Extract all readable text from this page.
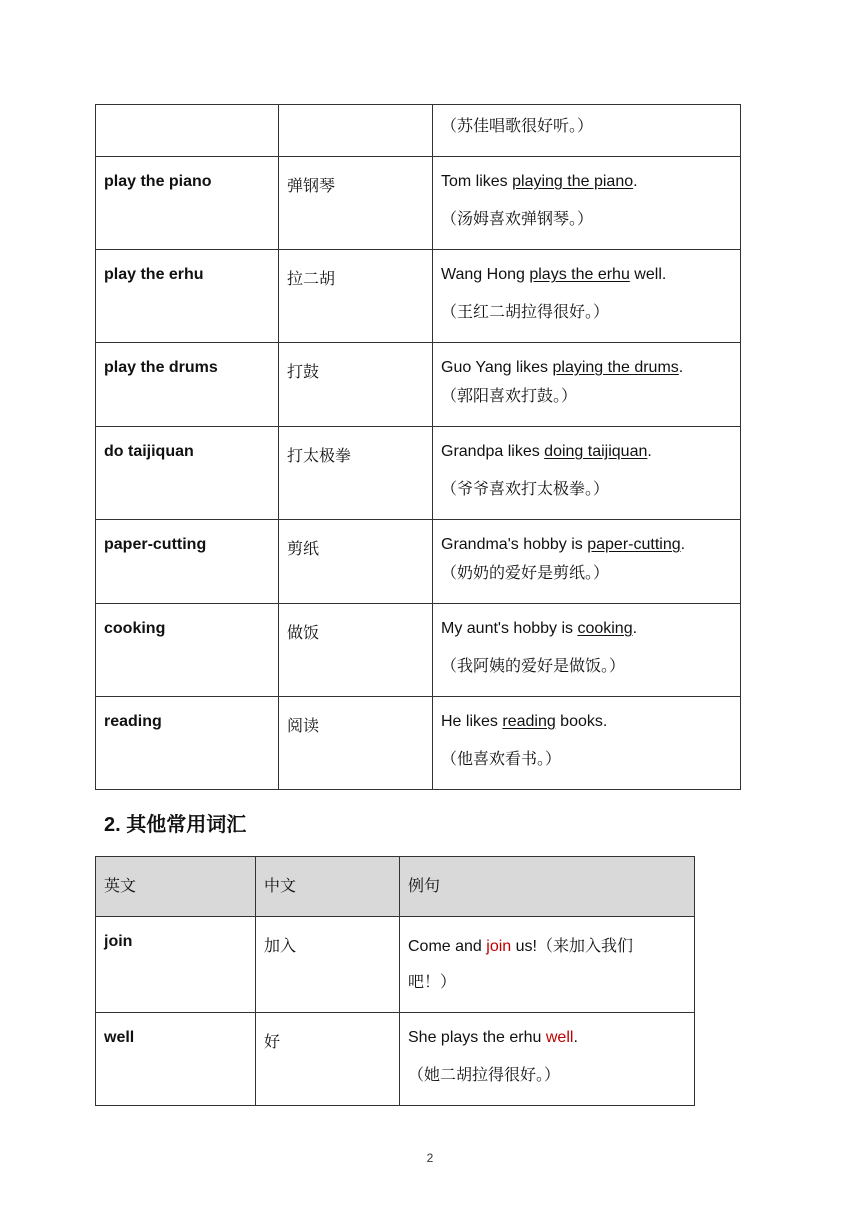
		（苏佳唱歌很好听。）

play the piano	弹钢琴	Tom likes playing the piano.
（汤姆喜欢弹钢琴。）

play the erhu	拉二胡	Wang Hong plays the erhu well.
（王红二胡拉得很好。）

play the drums	打鼓	Guo Yang likes playing the drums.
（郭阳喜欢打鼓。）

do taijiquan	打太极拳	Grandpa likes doing taijiquan.
（爷爷喜欢打太极拳。）

paper-cutting	剪纸	Grandma's hobby is paper-cutting.
（奶奶的爱好是剪纸。）

cooking	做饭	My aunt's hobby is cooking.
（我阿姨的爱好是做饭。）

reading	阅读	He likes reading books.
（他喜欢看书。）
2. 其他常用词汇
英文	中文	例句

join	加入	Come and join us!（来加入我们
吧！）

well	好	She plays the erhu well.
（她二胡拉得很好。）
2
